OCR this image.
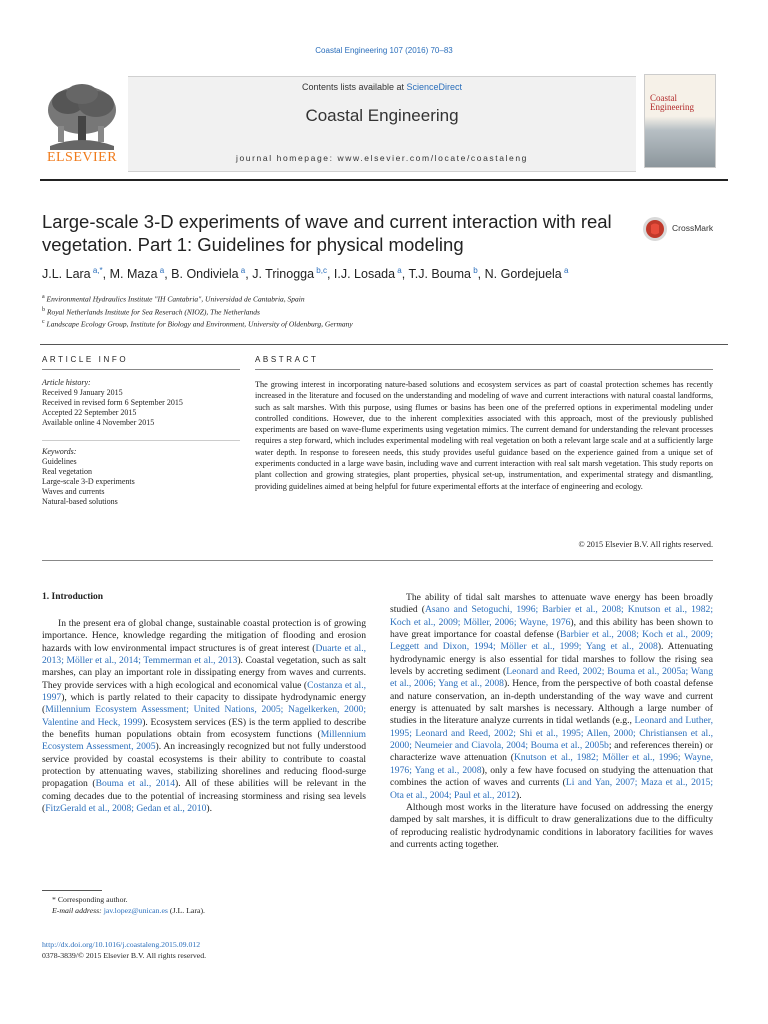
Coastal Engineering 107 (2016) 70–83
Contents lists available at ScienceDirect
Coastal Engineering
journal homepage: www.elsevier.com/locate/coastaleng
ELSEVIER
Coastal
Engineering
Large-scale 3-D experiments of wave and current interaction with real vegetation. Part 1: Guidelines for physical modeling
CrossMark
J.L. Lara $^{a,*}$, M. Maza $^a$, B. Ondiviela $^a$, J. Trinogga $^{b,c}$, I.J. Losada $^a$, T.J. Bouma $^b$, N. Gordejuela $^a$
$^a$ Environmental Hydraulics Institute "IH Cantabria", Universidad de Cantabria, Spain
$^b$ Royal Netherlands Institute for Sea Reserach (NIOZ), The Netherlands
$^c$ Landscape Ecology Group, Institute for Biology and Environment, University of Oldenburg, Germany
ARTICLE INFO	ABSTRACT
Article history:
Received 9 January 2015
Received in revised form 6 September 2015
Accepted 22 September 2015
Available online 4 November 2015
Keywords:
Guidelines
Real vegetation
Large-scale 3-D experiments
Waves and currents
Natural-based solutions
The growing interest in incorporating nature-based solutions and ecosystem services as part of coastal protection schemes has recently increased in the literature and focused on the understanding and modeling of wave and current interactions with natural coastal landforms, such as salt marshes. With this purpose, using flumes or basins has been one of the preferred options in experimental modeling under controlled conditions. However, due to the inherent complexities associated with this approach, most of the previously published experiments are based on wave-flume experiments using vegetation mimics. The current demand for understanding the relevant processes requires a step forward, which includes experimental modeling with real vegetation on both a relevant large scale and at a sufficiently large water depth. In response to foreseen needs, this study provides useful guidance based on the experience gained from a unique set of experiments conducted in a large wave basin, including wave and current interaction with real salt marsh vegetation. This study reports on plant collection and growing strategies, plant properties, physical set-up, instrumentation, and experimental strategy and dismantling, providing guidelines aimed at being helpful for future experimental efforts at the interface of engineering and ecology.
© 2015 Elsevier B.V. All rights reserved.
1. Introduction
In the present era of global change, sustainable coastal protection is of growing importance. Hence, knowledge regarding the mitigation of flooding and erosion hazards with low environmental impact structures is of great interest (Duarte et al., 2013; Möller et al., 2014; Temmerman et al., 2013). Coastal vegetation, such as salt marshes, can play an important role in dissipating energy from waves and currents. They provide services with a high ecological and economical value (Costanza et al., 1997), which is partly related to their capacity to dissipate hydrodynamic energy (Millennium Ecosystem Assessment; United Nations, 2005; Nagelkerken, 2000; Valentine and Heck, 1999). Ecosystem services (ES) is the term applied to describe the benefits human populations obtain from ecosystem functions (Millennium Ecosystem Assessment, 2005). An increasingly recognized but not fully understood service provided by coastal ecosystems is their ability to contribute to coastal protection by attenuating waves, stabilizing shorelines and reducing flood-surge propagation (Bouma et al., 2014). All of these abilities will be relevant in the coming decades due to the potential of increasing storminess and rising sea levels (FitzGerald et al., 2008; Gedan et al., 2010).

The ability of tidal salt marshes to attenuate wave energy has been broadly studied (Asano and Setoguchi, 1996; Barbier et al., 2008; Knutson et al., 1982; Koch et al., 2009; Möller, 2006; Wayne, 1976), and this ability has been shown to have great importance for coastal defense (Barbier et al., 2008; Koch et al., 2009; Leggett and Dixon, 1994; Möller et al., 1999; Yang et al., 2008). Attenuating hydrodynamic energy is also essential for tidal marshes to follow the rising sea levels by accreting sediment (Leonard and Reed, 2002; Bouma et al., 2005a; Wang et al., 2006; Yang et al., 2008). Hence, from the perspective of both coastal defense and nature conservation, an in-depth understanding of the way wave and current energy is attenuated by salt marshes is necessary. Although a large number of studies in the literature analyze currents in tidal wetlands (e.g., Leonard and Luther, 1995; Leonard and Reed, 2002; Shi et al., 1995; Allen, 2000; Christiansen et al., 2000; Neumeier and Ciavola, 2004; Bouma et al., 2005b; and references therein) or characterize wave attenuation (Knutson et al., 1982; Möller et al., 1996; Wayne, 1976; Yang et al., 2008), only a few have focused on studying the attenuation that combines the action of waves and currents (Li and Yan, 2007; Maza et al., 2015; Ota et al., 2004; Paul et al., 2012).

Although most works in the literature have focused on addressing the energy damped by salt marshes, it is difficult to draw generalizations due to the difficulty of reproducing realistic hydrodynamic conditions in laboratory facilities for waves and currents acting together.

* Corresponding author.
E-mail address: jav.lopez@unican.es (J.L. Lara).
http://dx.doi.org/10.1016/j.coastaleng.2015.09.012
0378-3839/© 2015 Elsevier B.V. All rights reserved.
